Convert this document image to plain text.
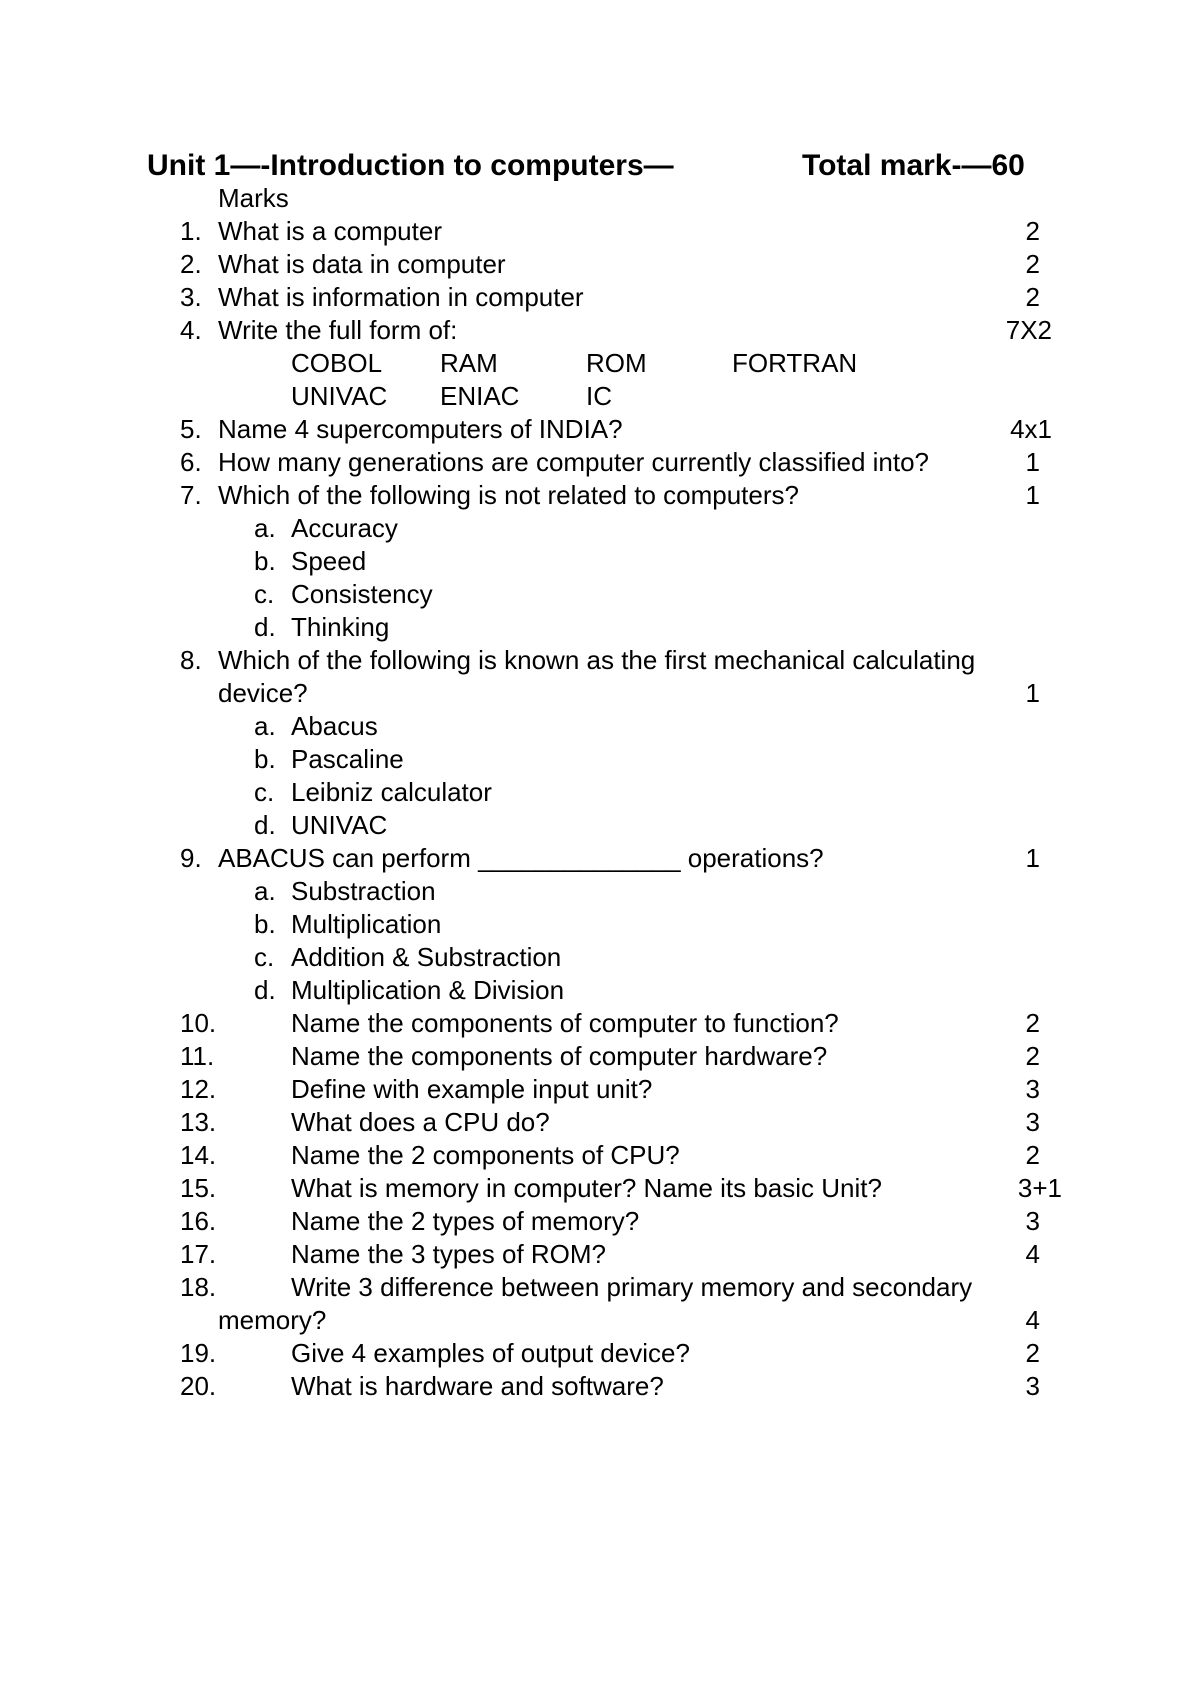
Unit 1—-Introduction to computers—	Total mark-—60
Marks
1. What is a computer	2
2. What is data in computer	2
3. What is information in computer	2
4. Write the full form of:	7X2
COBOL RAM	ROM	FORTRAN
UNIVAC ENIAC	IC
5. Name 4 supercomputers of INDIA?	4x1
6. How many generations are computer currently classified into?	1
7. Which of the following is not related to computers?	1
a. Accuracy
b. Speed
c. Consistency
d. Thinking
8. Which of the following is known as the first mechanical calculating
device?	1
a. Abacus
b. Pascaline
c. Leibniz calculator
d. UNIVAC
9. ABACUS can perform ______________ operations?	1
a. Substraction
b. Multiplication
c. Addition & Substraction
d. Multiplication & Division
10.	Name the components of computer to function?	2
11.	Name the components of computer hardware?	2
12.	Define with example input unit?	3
13.	What does a CPU do?	3
14.	Name the 2 components of CPU?	2
15.	What is memory in computer? Name its basic Unit?	3+1
16.	Name the 2 types of memory?	3
17.	Name the 3 types of ROM?	4
18.	Write 3 difference between primary memory and secondary
memory?	4
19.	Give 4 examples of output device?	2
20.	What is hardware and software?	3
